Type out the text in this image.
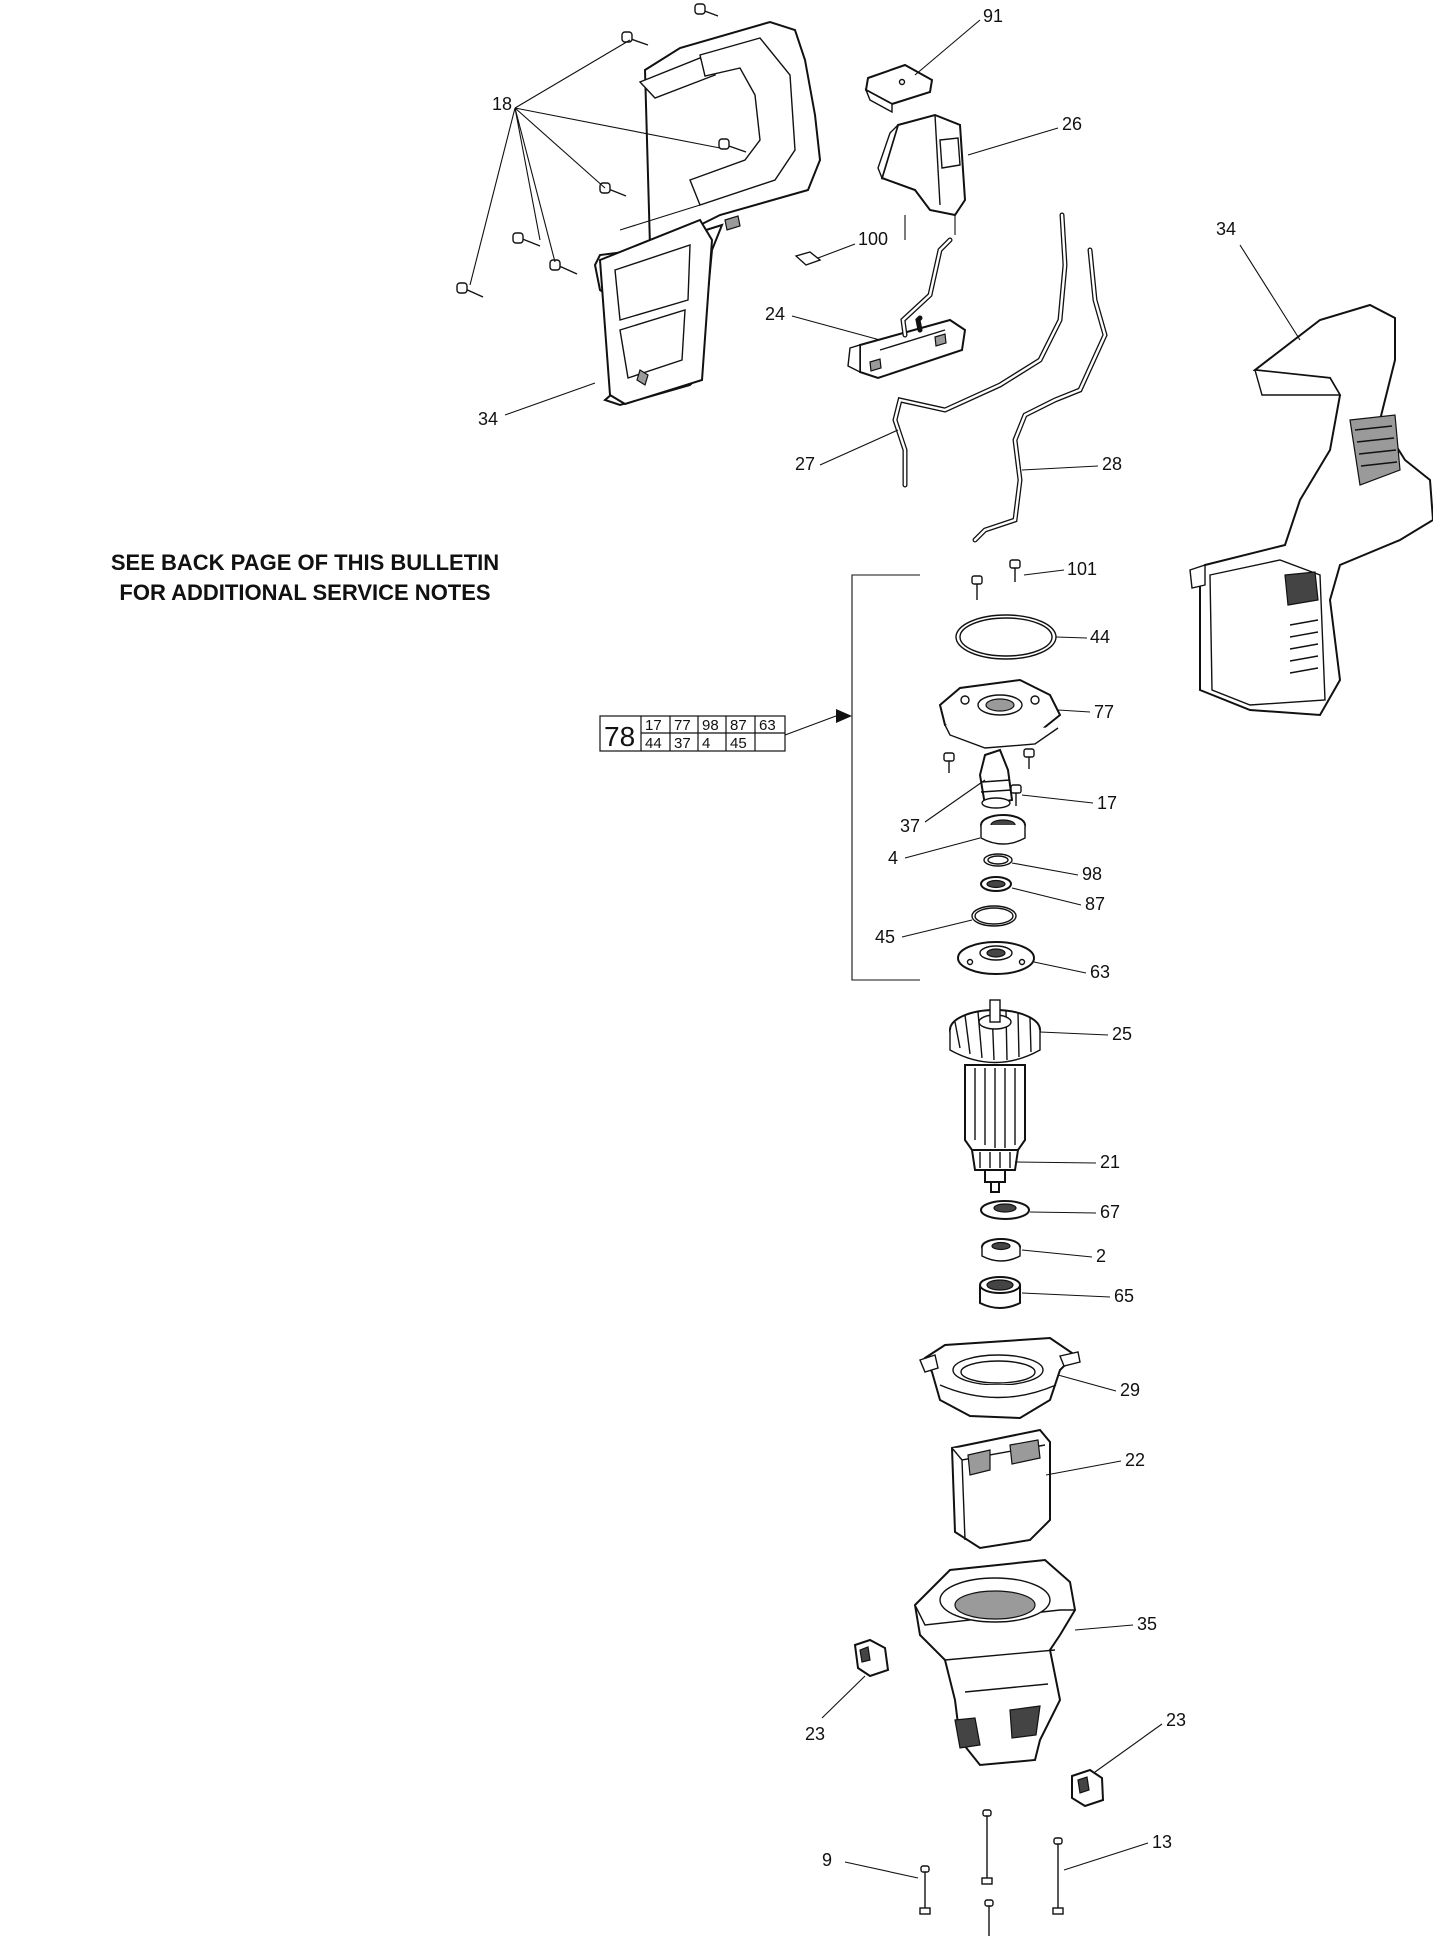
18
34
91
26
100
24
27	28
34
101
44
77
17
37
4
98
87
45
63
25
21
67
2
65
29
22
35
23
23
9
13
78 17 77 98 87 63
44 37 4 45
SEE BACK PAGE OF THIS BULLETIN
FOR ADDITIONAL SERVICE NOTES
